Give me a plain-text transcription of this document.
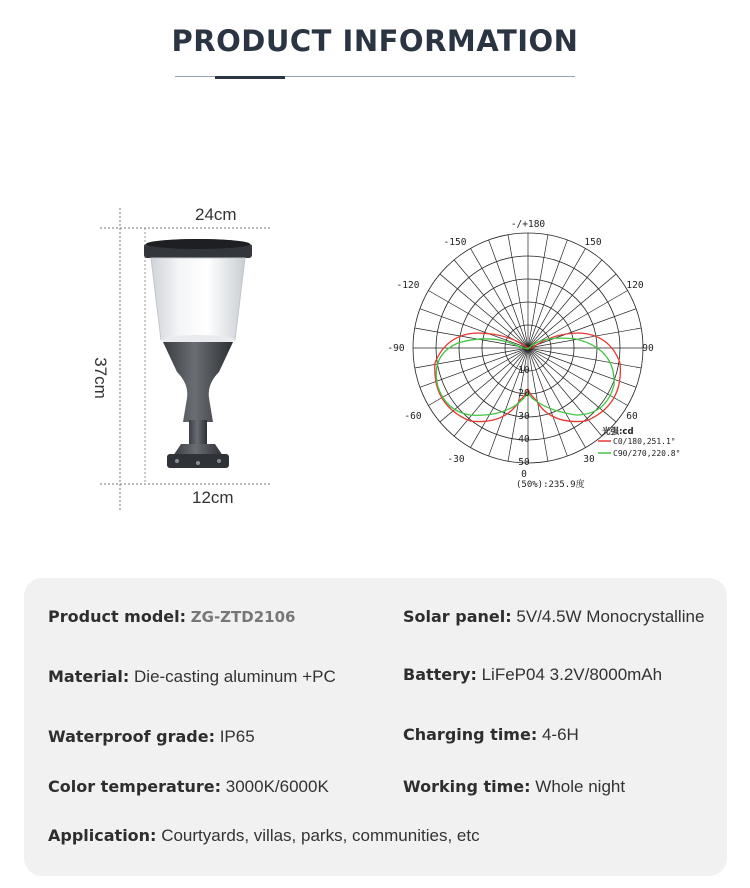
PRODUCT INFORMATION
24cm
37cm
12cm
-/+180
-150	150
-120	120
-90	90
-60	60
-30	30
10
20
30
40
50
0
光强:cd
C0/180,251.1°
C90/270,220.8°
(50%):235.9度
Product model: ZG-ZTD2106	Solar panel: 5V/4.5W Monocrystalline
Material: Die-casting aluminum +PC	Battery: LiFeP04 3.2V/8000mAh
Waterproof grade: IP65	Charging time: 4-6H
Color temperature: 3000K/6000K	Working time: Whole night
Application: Courtyards, villas, parks, communities, etc
